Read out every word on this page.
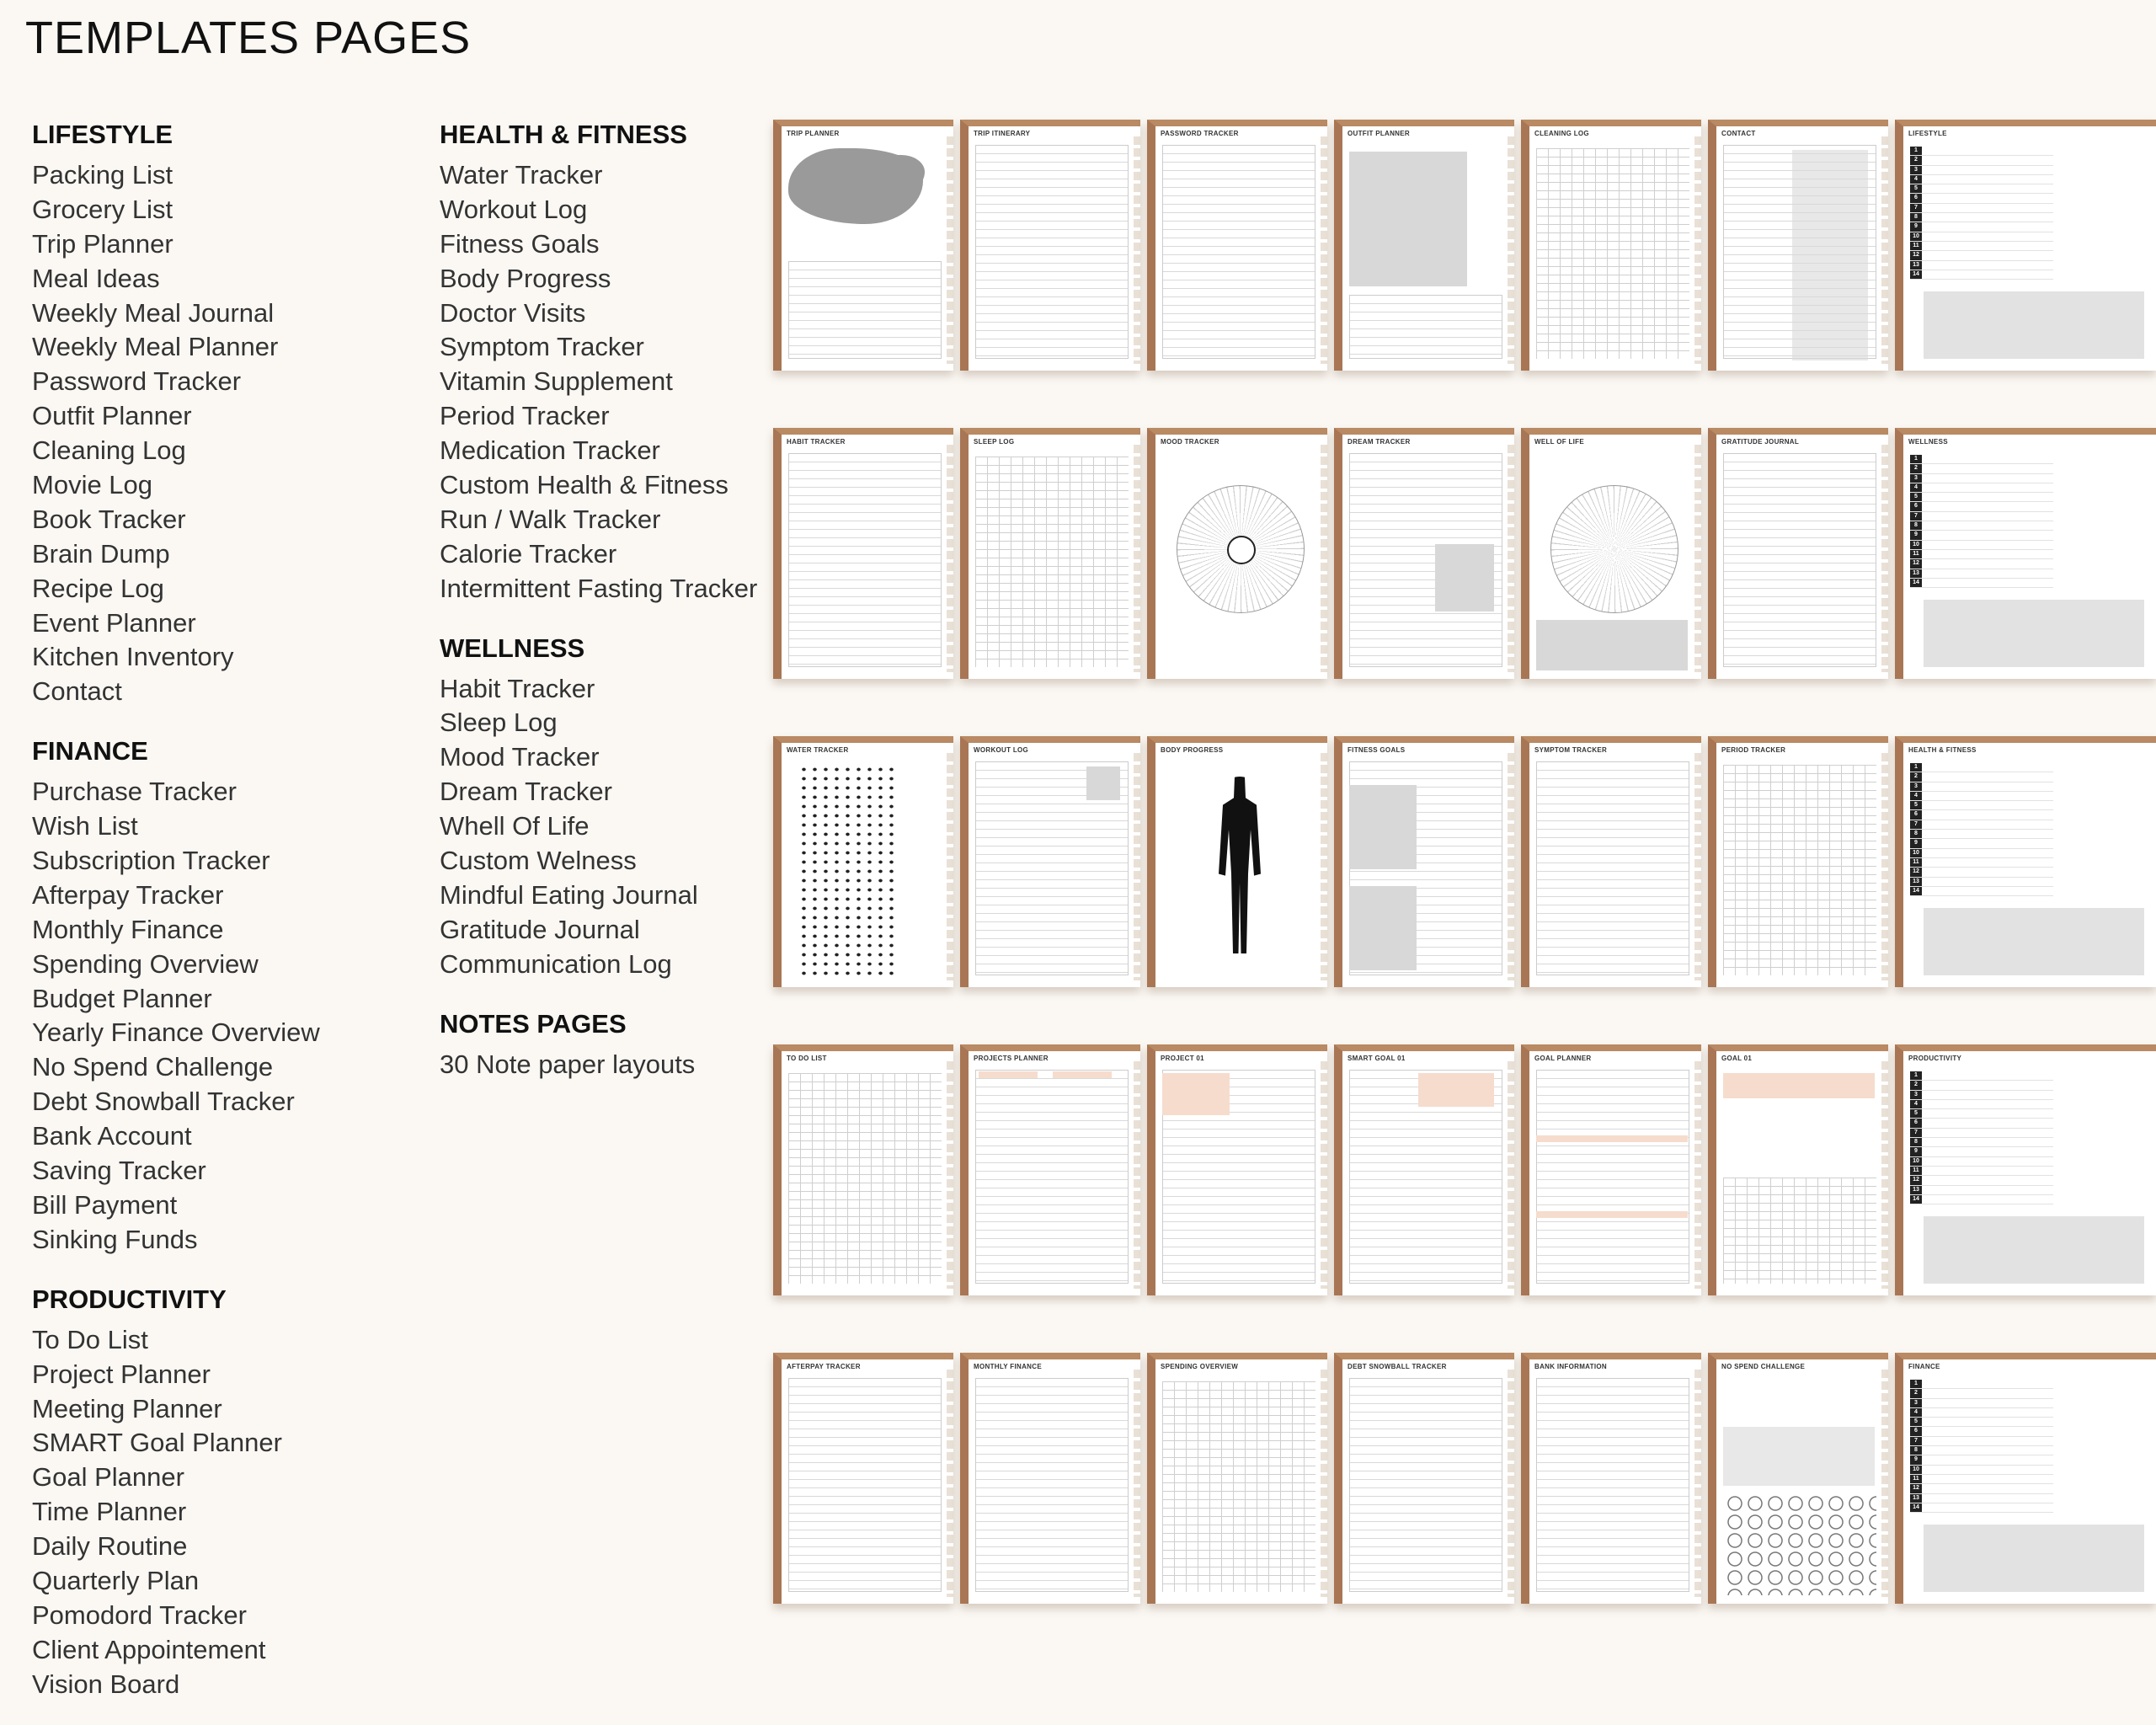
TEMPLATES PAGES
LIFESTYLE
Packing List
Grocery List
Trip Planner
Meal Ideas
Weekly Meal Journal
Weekly Meal Planner
Password Tracker
Outfit Planner
Cleaning Log
Movie Log
Book Tracker
Brain Dump
Recipe Log
Event Planner
Kitchen Inventory
Contact
FINANCE
Purchase Tracker
Wish List
Subscription Tracker
Afterpay Tracker
Monthly Finance
Spending Overview
Budget Planner
Yearly Finance Overview
No Spend Challenge
Debt Snowball Tracker
Bank Account
Saving Tracker
Bill Payment
Sinking Funds
PRODUCTIVITY
To Do List
Project Planner
Meeting Planner
SMART Goal Planner
Goal Planner
Time Planner
Daily Routine
Quarterly Plan
Pomodord Tracker
Client Appointement
Vision Board
HEALTH & FITNESS
Water Tracker
Workout Log
Fitness Goals
Body Progress
Doctor Visits
Symptom Tracker
Vitamin Supplement
Period Tracker
Medication Tracker
Custom Health & Fitness
Run / Walk Tracker
Calorie Tracker
Intermittent Fasting Tracker
WELLNESS
Habit Tracker
Sleep Log
Mood Tracker
Dream Tracker
Whell Of Life
Custom Welness
Mindful Eating Journal
Gratitude Journal
Communication Log
NOTES PAGES
30 Note paper layouts
TRIP PLANNER	TRIP ITINERARY	PASSWORD TRACKER	OUTFIT PLANNER	CLEANING LOG	CONTACT
1
2
3
4
5
6
7
8
9
10
11
12
13
14
LIFESTYLE
HABIT TRACKER	SLEEP LOG	MOOD TRACKER	DREAM TRACKER	WELL OF LIFE	GRATITUDE JOURNAL
1
2
3
4
5
6
7
8
9
10
11
12
13
14
WELLNESS
WATER TRACKER	WORKOUT LOG	BODY PROGRESS	FITNESS GOALS	SYMPTOM TRACKER	PERIOD TRACKER
1
2
3
4
5
6
7
8
9
10
11
12
13
14
HEALTH & FITNESS
TO DO LIST	PROJECTS PLANNER	PROJECT 01	SMART GOAL 01	GOAL PLANNER	GOAL 01
1
2
3
4
5
6
7
8
9
10
11
12
13
14
PRODUCTIVITY
AFTERPAY TRACKER	MONTHLY FINANCE	SPENDING OVERVIEW	DEBT SNOWBALL TRACKER	BANK INFORMATION	NO SPEND CHALLENGE
1
2
3
4
5
6
7
8
9
10
11
12
13
14
FINANCE
